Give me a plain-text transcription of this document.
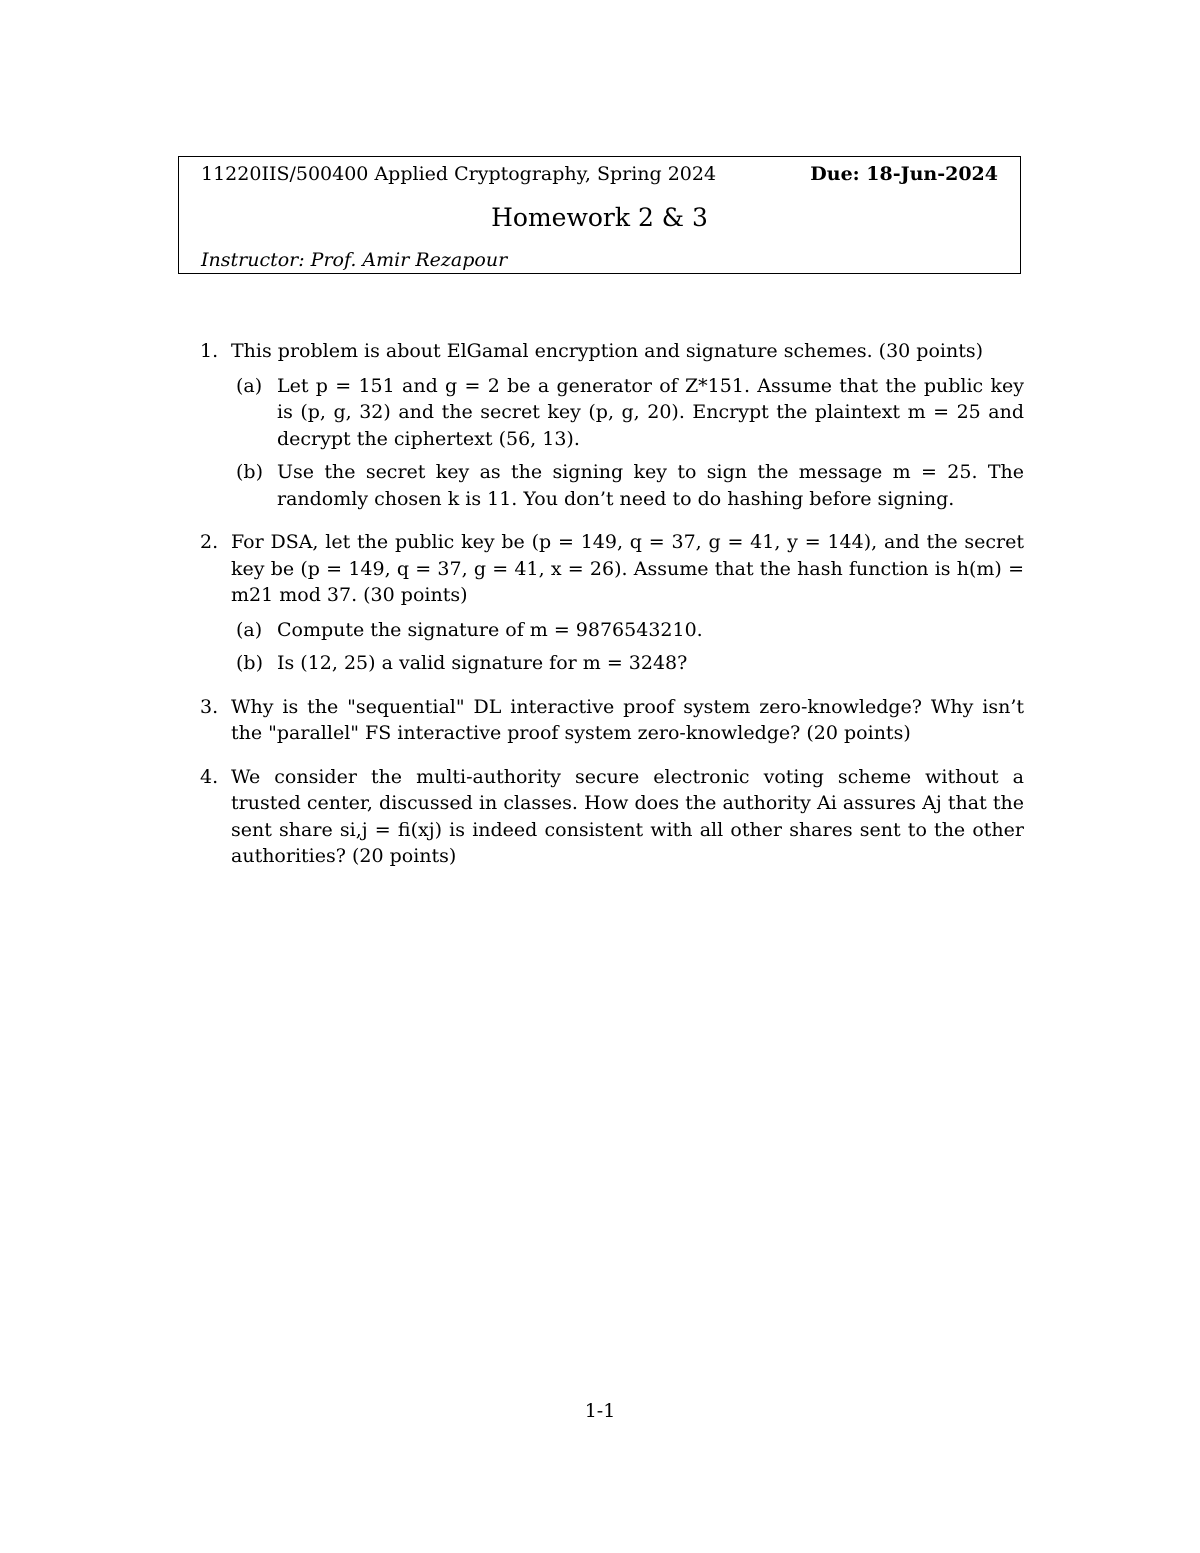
11220IIS/500400 Applied Cryptography, Spring 2024	Due: 18-Jun-2024
Homework 2 & 3
Instructor: Prof. Amir Rezapour
1. This problem is about ElGamal encryption and signature schemes. (30 points)
(a) Let p = 151 and g = 2 be a generator of Z*151. Assume that the public key is (p, g, 32) and the secret key (p, g, 20). Encrypt the plaintext m = 25 and decrypt the ciphertext (56, 13).
(b) Use the secret key as the signing key to sign the message m = 25. The randomly chosen k is 11. You don’t need to do hashing before signing.
2. For DSA, let the public key be (p = 149, q = 37, g = 41, y = 144), and the secret key be (p = 149, q = 37, g = 41, x = 26). Assume that the hash function is h(m) = m21 mod 37. (30 points)
(a) Compute the signature of m = 9876543210.
(b) Is (12, 25) a valid signature for m = 3248?
3. Why is the "sequential" DL interactive proof system zero-knowledge? Why isn’t the "parallel" FS interactive proof system zero-knowledge? (20 points)
4. We consider the multi-authority secure electronic voting scheme without a trusted center, discussed in classes. How does the authority Ai assures Aj that the sent share si,j = fi(xj) is indeed consistent with all other shares sent to the other authorities? (20 points)
1-1
